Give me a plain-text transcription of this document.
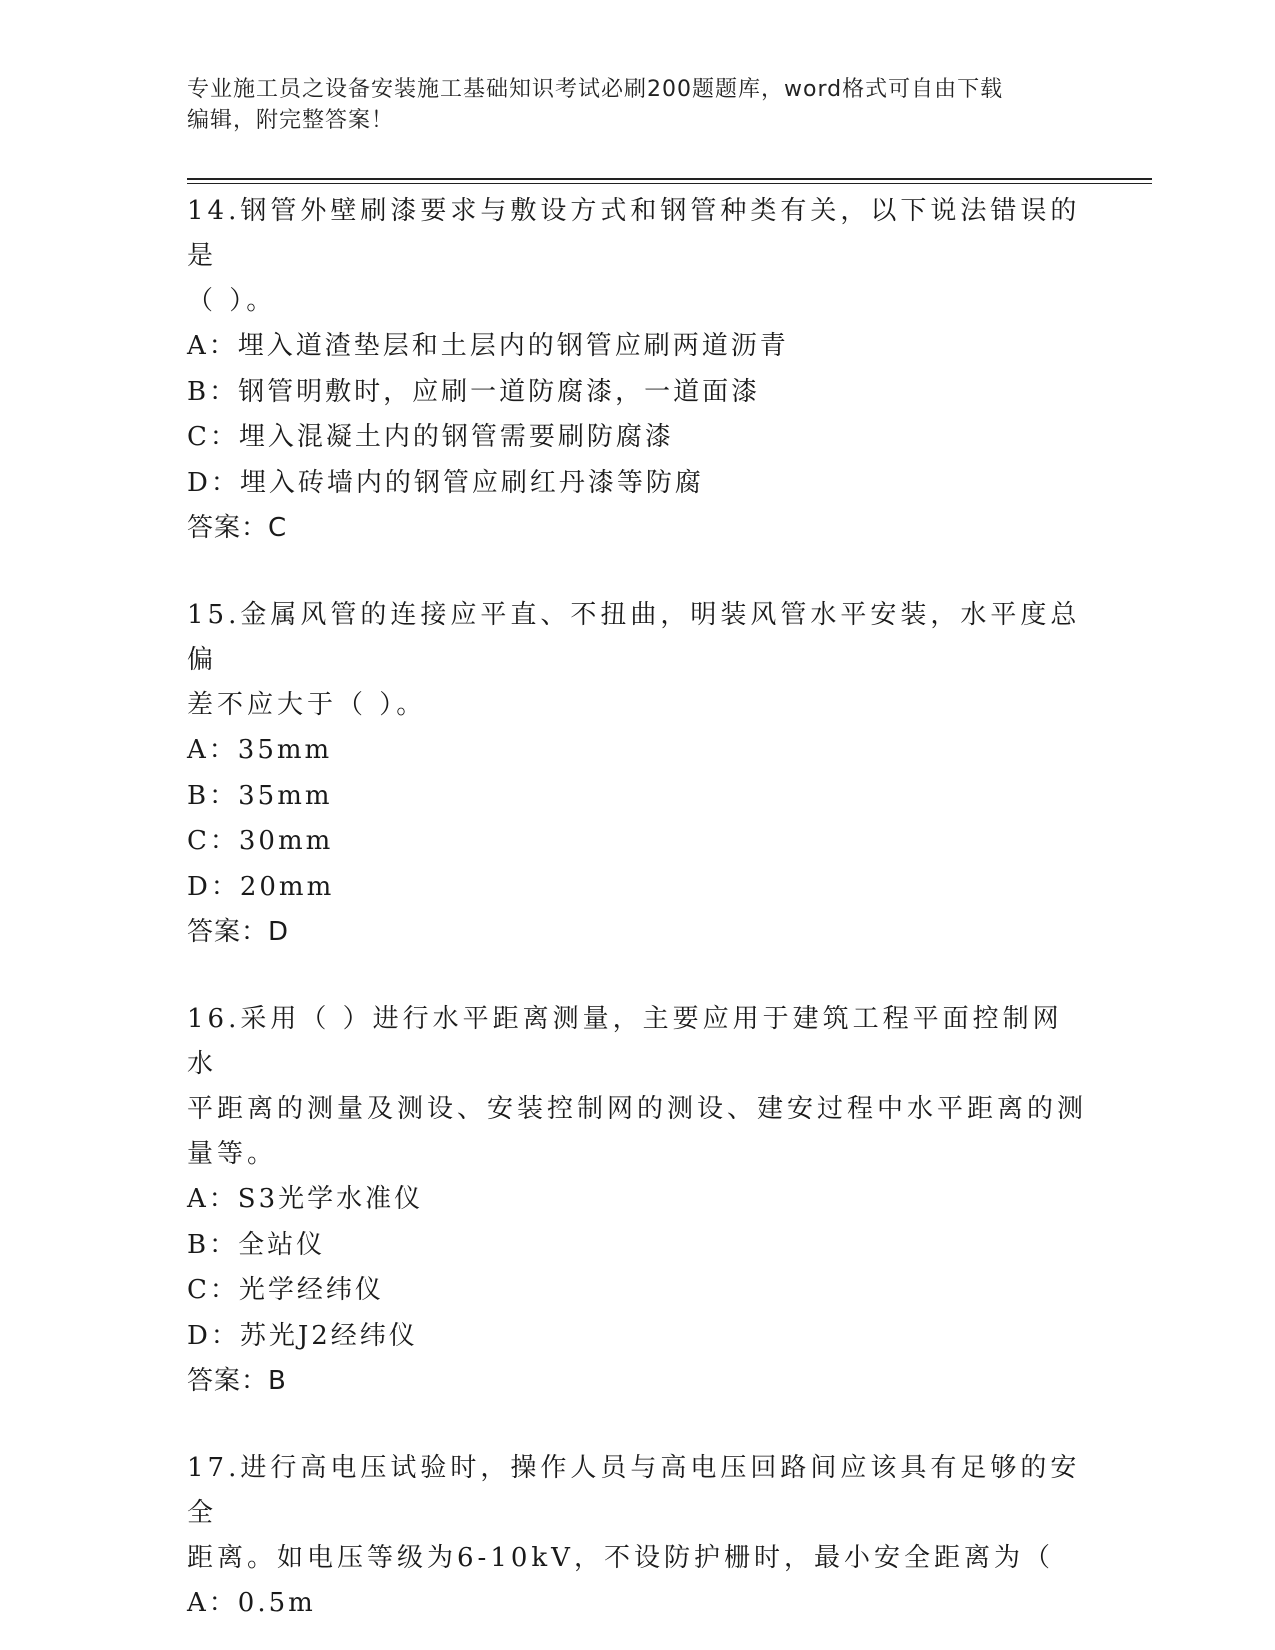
专业施工员之设备安装施工基础知识考试必刷200题题库，word格式可自由下载
编辑，附完整答案！

14.钢管外壁刷漆要求与敷设方式和钢管种类有关，以下说法错误的是

（ ）。

A：埋入道渣垫层和土层内的钢管应刷两道沥青

B：钢管明敷时，应刷一道防腐漆，一道面漆

C：埋入混凝土内的钢管需要刷防腐漆

D：埋入砖墙内的钢管应刷红丹漆等防腐

答案：C

15.金属风管的连接应平直、不扭曲，明装风管水平安装，水平度总偏

差不应大于（ ）。

A：35mm

B：35mm

C：30mm

D：20mm

答案：D

16.采用（ ）进行水平距离测量，主要应用于建筑工程平面控制网水

平距离的测量及测设、安装控制网的测设、建安过程中水平距离的测

量等。

A：S3光学水准仪

B：全站仪

C：光学经纬仪

D：苏光J2经纬仪

答案：B

17.进行高电压试验时，操作人员与高电压回路间应该具有足够的安全

距离。如电压等级为6-10kV，不设防护栅时，最小安全距离为（

A：0.5m
